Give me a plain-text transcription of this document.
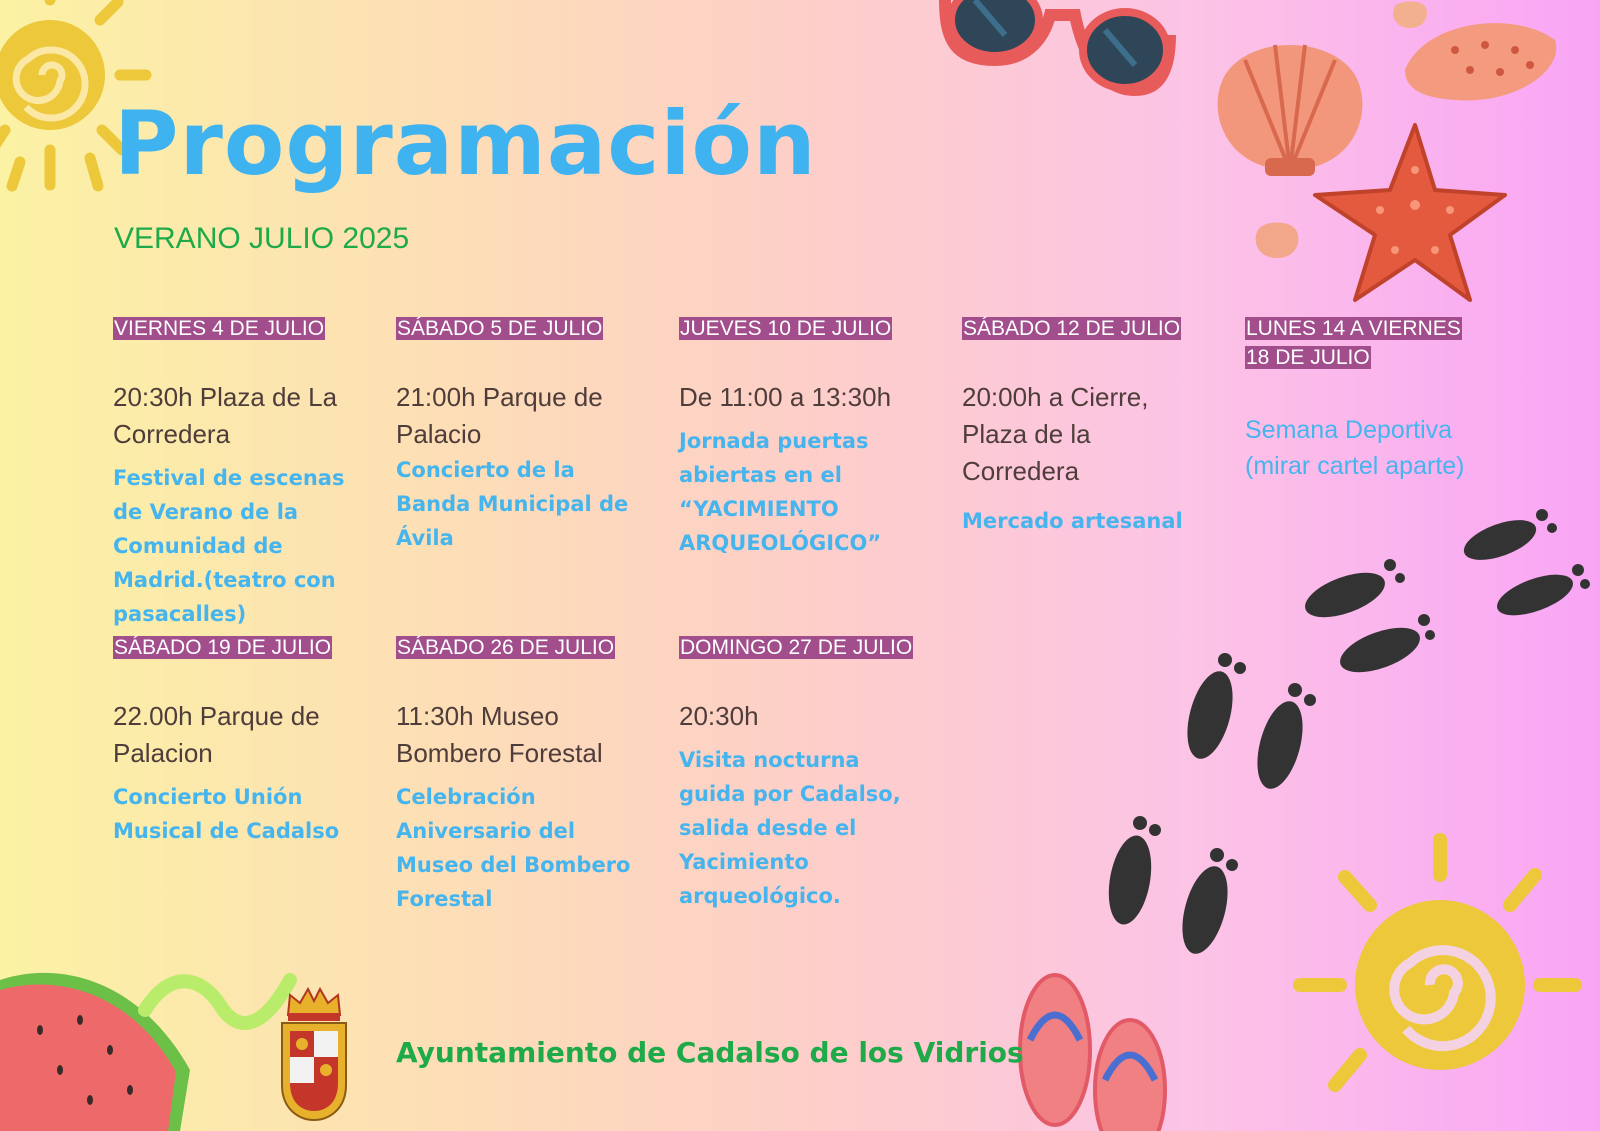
Programación
VERANO JULIO 2025
VIERNES 4 DE JULIO
20:30h Plaza de La Corredera
Festival de escenas de Verano de la Comunidad de Madrid.(teatro con pasacalles)
SÁBADO 5 DE JULIO
21:00h Parque de Palacio
Concierto de la Banda Municipal de Ávila
JUEVES 10 DE JULIO
De 11:00 a 13:30h
Jornada puertas abiertas en el “YACIMIENTO ARQUEOLÓGICO”
SÁBADO 12 DE JULIO
20:00h a Cierre, Plaza de la Corredera
Mercado artesanal
LUNES 14 A VIERNES 18 DE JULIO
Semana Deportiva (mirar cartel aparte)
SÁBADO 19 DE JULIO
22.00h Parque de Palacion
Concierto Unión Musical de Cadalso
SÁBADO 26 DE JULIO
11:30h Museo Bombero Forestal
Celebración Aniversario del Museo del Bombero Forestal
DOMINGO 27 DE JULIO
20:30h
Visita nocturna guida por Cadalso, salida desde el Yacimiento arqueológico.
Ayuntamiento de Cadalso de los Vidrios
